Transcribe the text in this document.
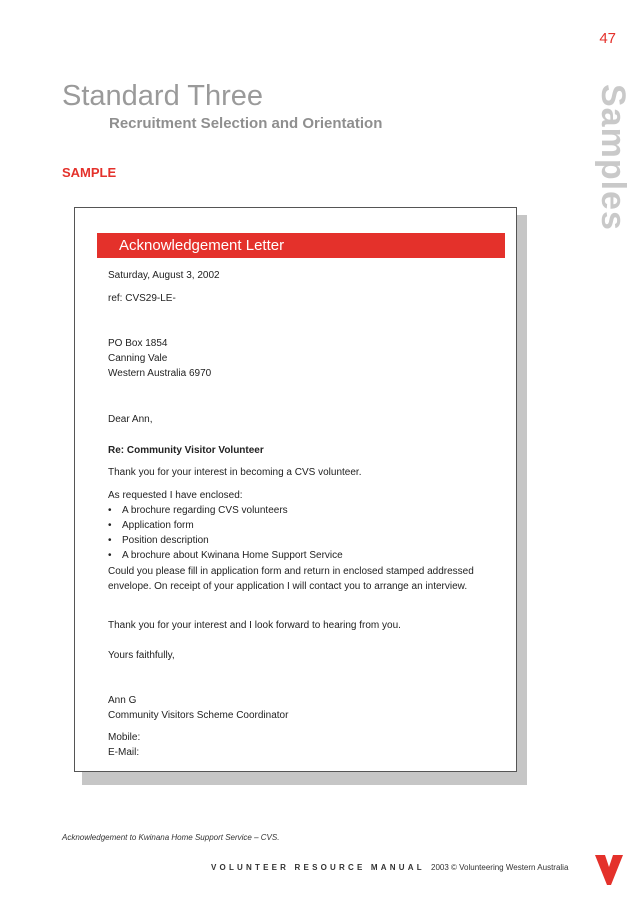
47
Samples
Standard Three
Recruitment Selection and Orientation
SAMPLE
Acknowledgement Letter
Saturday, August 3, 2002
ref: CVS29-LE-
PO Box 1854
Canning Vale
Western Australia 6970
Dear Ann,
Re: Community Visitor Volunteer
Thank you for your interest in becoming a CVS volunteer.
As requested I have enclosed:
• A brochure regarding CVS volunteers
• Application form
• Position description
• A brochure about Kwinana Home Support Service
Could you please fill in application form and return in enclosed stamped addressed envelope. On receipt of your application I will contact you to arrange an interview.
Thank you for your interest and I look forward to hearing from you.
Yours faithfully,
Ann G
Community Visitors Scheme Coordinator
Mobile:
E-Mail:
Acknowledgement to Kwinana Home Support Service – CVS.
VOLUNTEER RESOURCE MANUAL 2003 © Volunteering Western Australia
